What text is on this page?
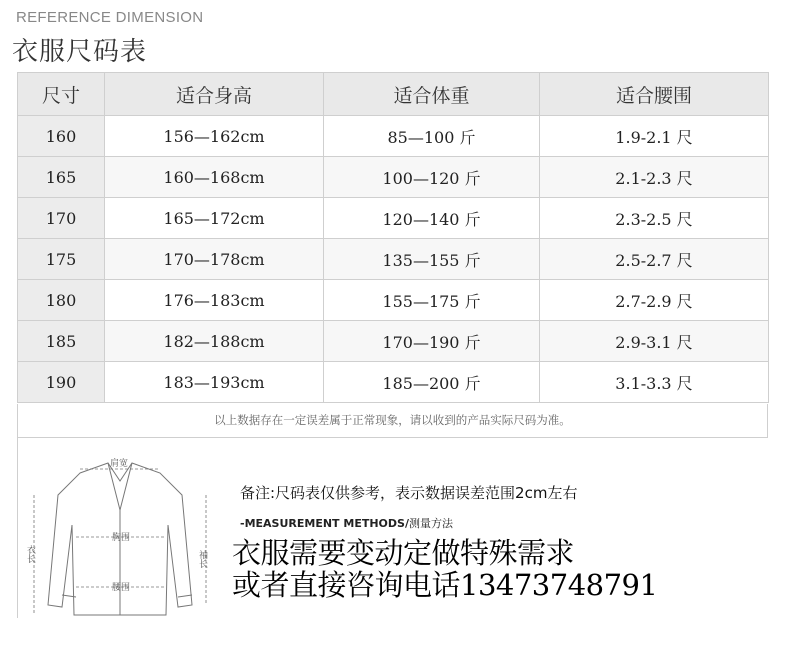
REFERENCE DIMENSION
衣服尺码表
尺寸	适合身高	适合体重	适合腰围
160	156—162cm	85—100 斤	1.9-2.1 尺
165	160—168cm	100—120 斤	2.1-2.3 尺
170	165—172cm	120—140 斤	2.3-2.5 尺
175	170—178cm	135—155 斤	2.5-2.7 尺
180	176—183cm	155—175 斤	2.7-2.9 尺
185	182—188cm	170—190 斤	2.9-3.1 尺
190	183—193cm	185—200 斤	3.1-3.3 尺
以上数据存在一定误差属于正常现象，请以收到的产品实际尺码为准。
肩宽
胸围
腰围
衣长	袖长
备注:尺码表仅供参考，表示数据误差范围2cm左右
-MEASUREMENT METHODS/测量方法
衣服需要变动定做特殊需求
或者直接咨询电话13473748791
